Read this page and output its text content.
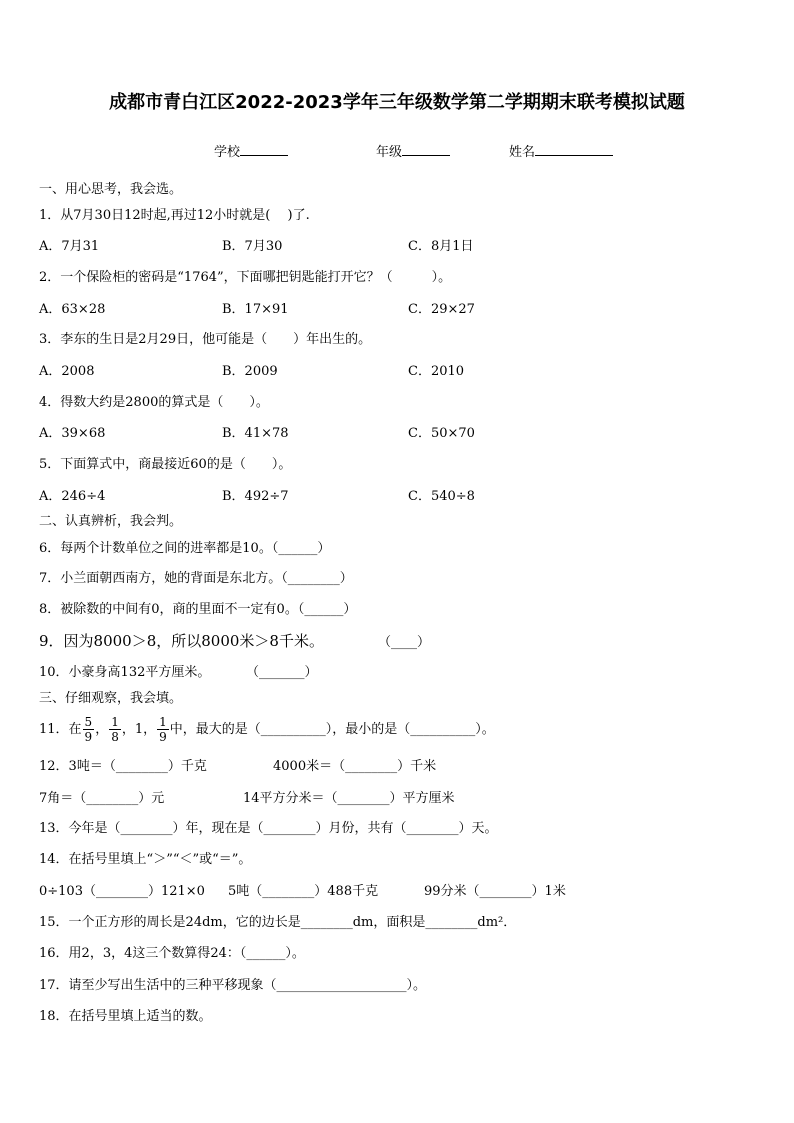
成都市青白江区2022-2023学年三年级数学第二学期期末联考模拟试题
学校	年级	姓名
一、用心思考，我会选。
1．从7月30日12时起,再过12小时就是(　 )了.
A．7月31	B．7月30	C．8月1日
2．一个保险柜的密码是“1764”，下面哪把钥匙能打开它？（　　　）。
A．63×28	B．17×91	C．29×27
3．李东的生日是2月29日，他可能是（　　）年出生的。
A．2008	B．2009	C．2010
4．得数大约是2800的算式是（　　）。
A．39×68	B．41×78	C．50×70
5．下面算式中，商最接近60的是（　　）。
A．246÷4	B．492÷7	C．540÷8
二、认真辨析，我会判。
6．每两个计数单位之间的进率都是10。（______）
7．小兰面朝西南方，她的背面是东北方。（________）
8．被除数的中间有0，商的里面不一定有0。（______）
9．因为8000＞8，所以8000米＞8千米。	（____）
10．小豪身高132平方厘米。	（_______）
三、仔细观察，我会填。
11．在 $\frac{5}{9}$ ， $\frac{1}{8}$ ，1， $\frac{1}{9}$ 中，最大的是（__________），最小的是（__________）。
12．3吨＝（________）千克	4000米＝（________）千米
7角＝（________）元	14平方分米＝（________）平方厘米
13．今年是（________）年，现在是（________）月份，共有（________）天。
14．在括号里填上“＞”“＜”或“＝”。
0÷103（________）121×0 5吨（________）488千克	99分米（________）1米
15．一个正方形的周长是24dm，它的边长是________dm，面积是________dm²．
16．用2，3，4这三个数算得24：（______）。
17．请至少写出生活中的三种平移现象（____________________）。
18．在括号里填上适当的数。
